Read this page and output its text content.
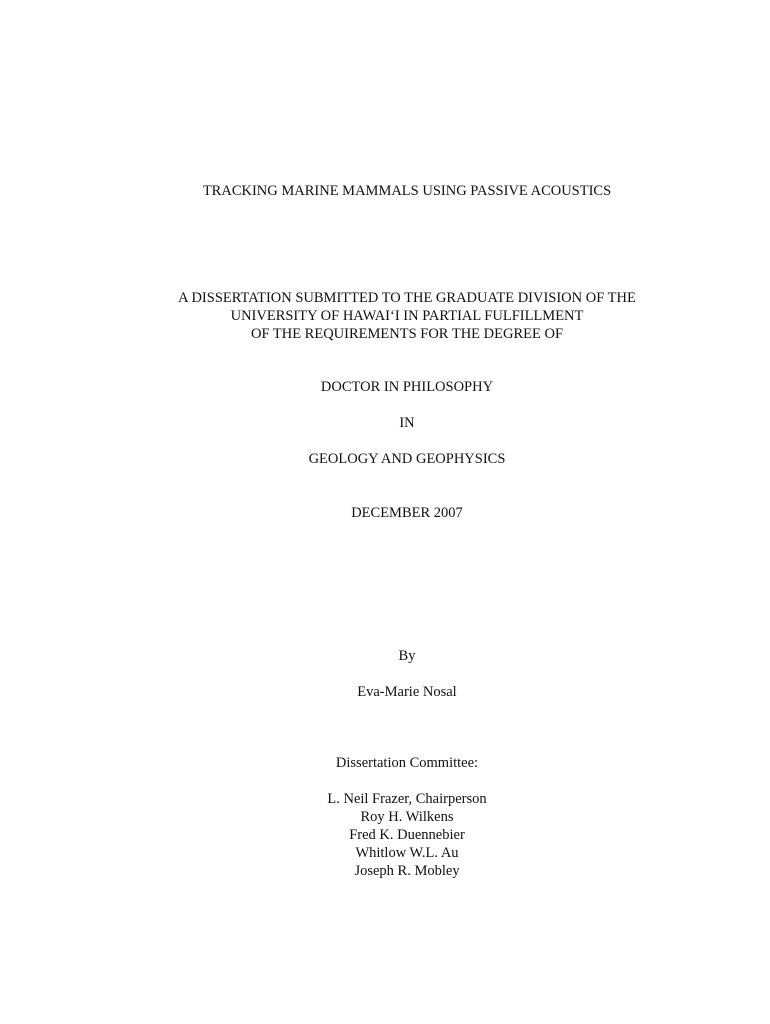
TRACKING MARINE MAMMALS USING PASSIVE ACOUSTICS
A DISSERTATION SUBMITTED TO THE GRADUATE DIVISION OF THE
UNIVERSITY OF HAWAI‘I IN PARTIAL FULFILLMENT
OF THE REQUIREMENTS FOR THE DEGREE OF
DOCTOR IN PHILOSOPHY
IN
GEOLOGY AND GEOPHYSICS
DECEMBER 2007
By
Eva-Marie Nosal
Dissertation Committee:
L. Neil Frazer, Chairperson
Roy H. Wilkens
Fred K. Duennebier
Whitlow W.L. Au
Joseph R. Mobley
